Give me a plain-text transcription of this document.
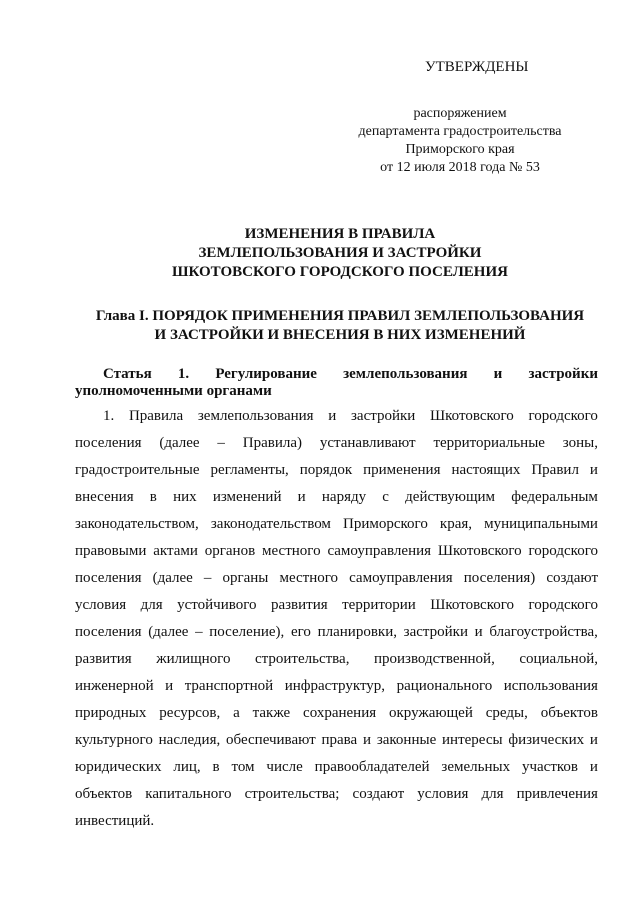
УТВЕРЖДЕНЫ
распоряжением
департамента градостроительства
Приморского края
от 12 июля 2018 года № 53
ИЗМЕНЕНИЯ В ПРАВИЛА
ЗЕМЛЕПОЛЬЗОВАНИЯ И ЗАСТРОЙКИ
ШКОТОВСКОГО ГОРОДСКОГО ПОСЕЛЕНИЯ
Глава I. ПОРЯДОК ПРИМЕНЕНИЯ ПРАВИЛ ЗЕМЛЕПОЛЬЗОВАНИЯ
И ЗАСТРОЙКИ И ВНЕСЕНИЯ В НИХ ИЗМЕНЕНИЙ
Статья 1. Регулирование землепользования и застройки
уполномоченными органами
1. Правила землепользования и застройки Шкотовского городского
поселения (далее – Правила) устанавливают территориальные зоны,
градостроительные регламенты, порядок применения настоящих Правил и
внесения в них изменений и наряду с действующим федеральным
законодательством, законодательством Приморского края, муниципальными
правовыми актами органов местного самоуправления Шкотовского городского
поселения (далее – органы местного самоуправления поселения) создают
условия для устойчивого развития территории Шкотовского городского
поселения (далее – поселение), его планировки, застройки и благоустройства,
развития жилищного строительства, производственной, социальной,
инженерной и транспортной инфраструктур, рационального использования
природных ресурсов, а также сохранения окружающей среды, объектов
культурного наследия, обеспечивают права и законные интересы физических и
юридических лиц, в том числе правообладателей земельных участков и
объектов капитального строительства; создают условия для привлечения
инвестиций.
